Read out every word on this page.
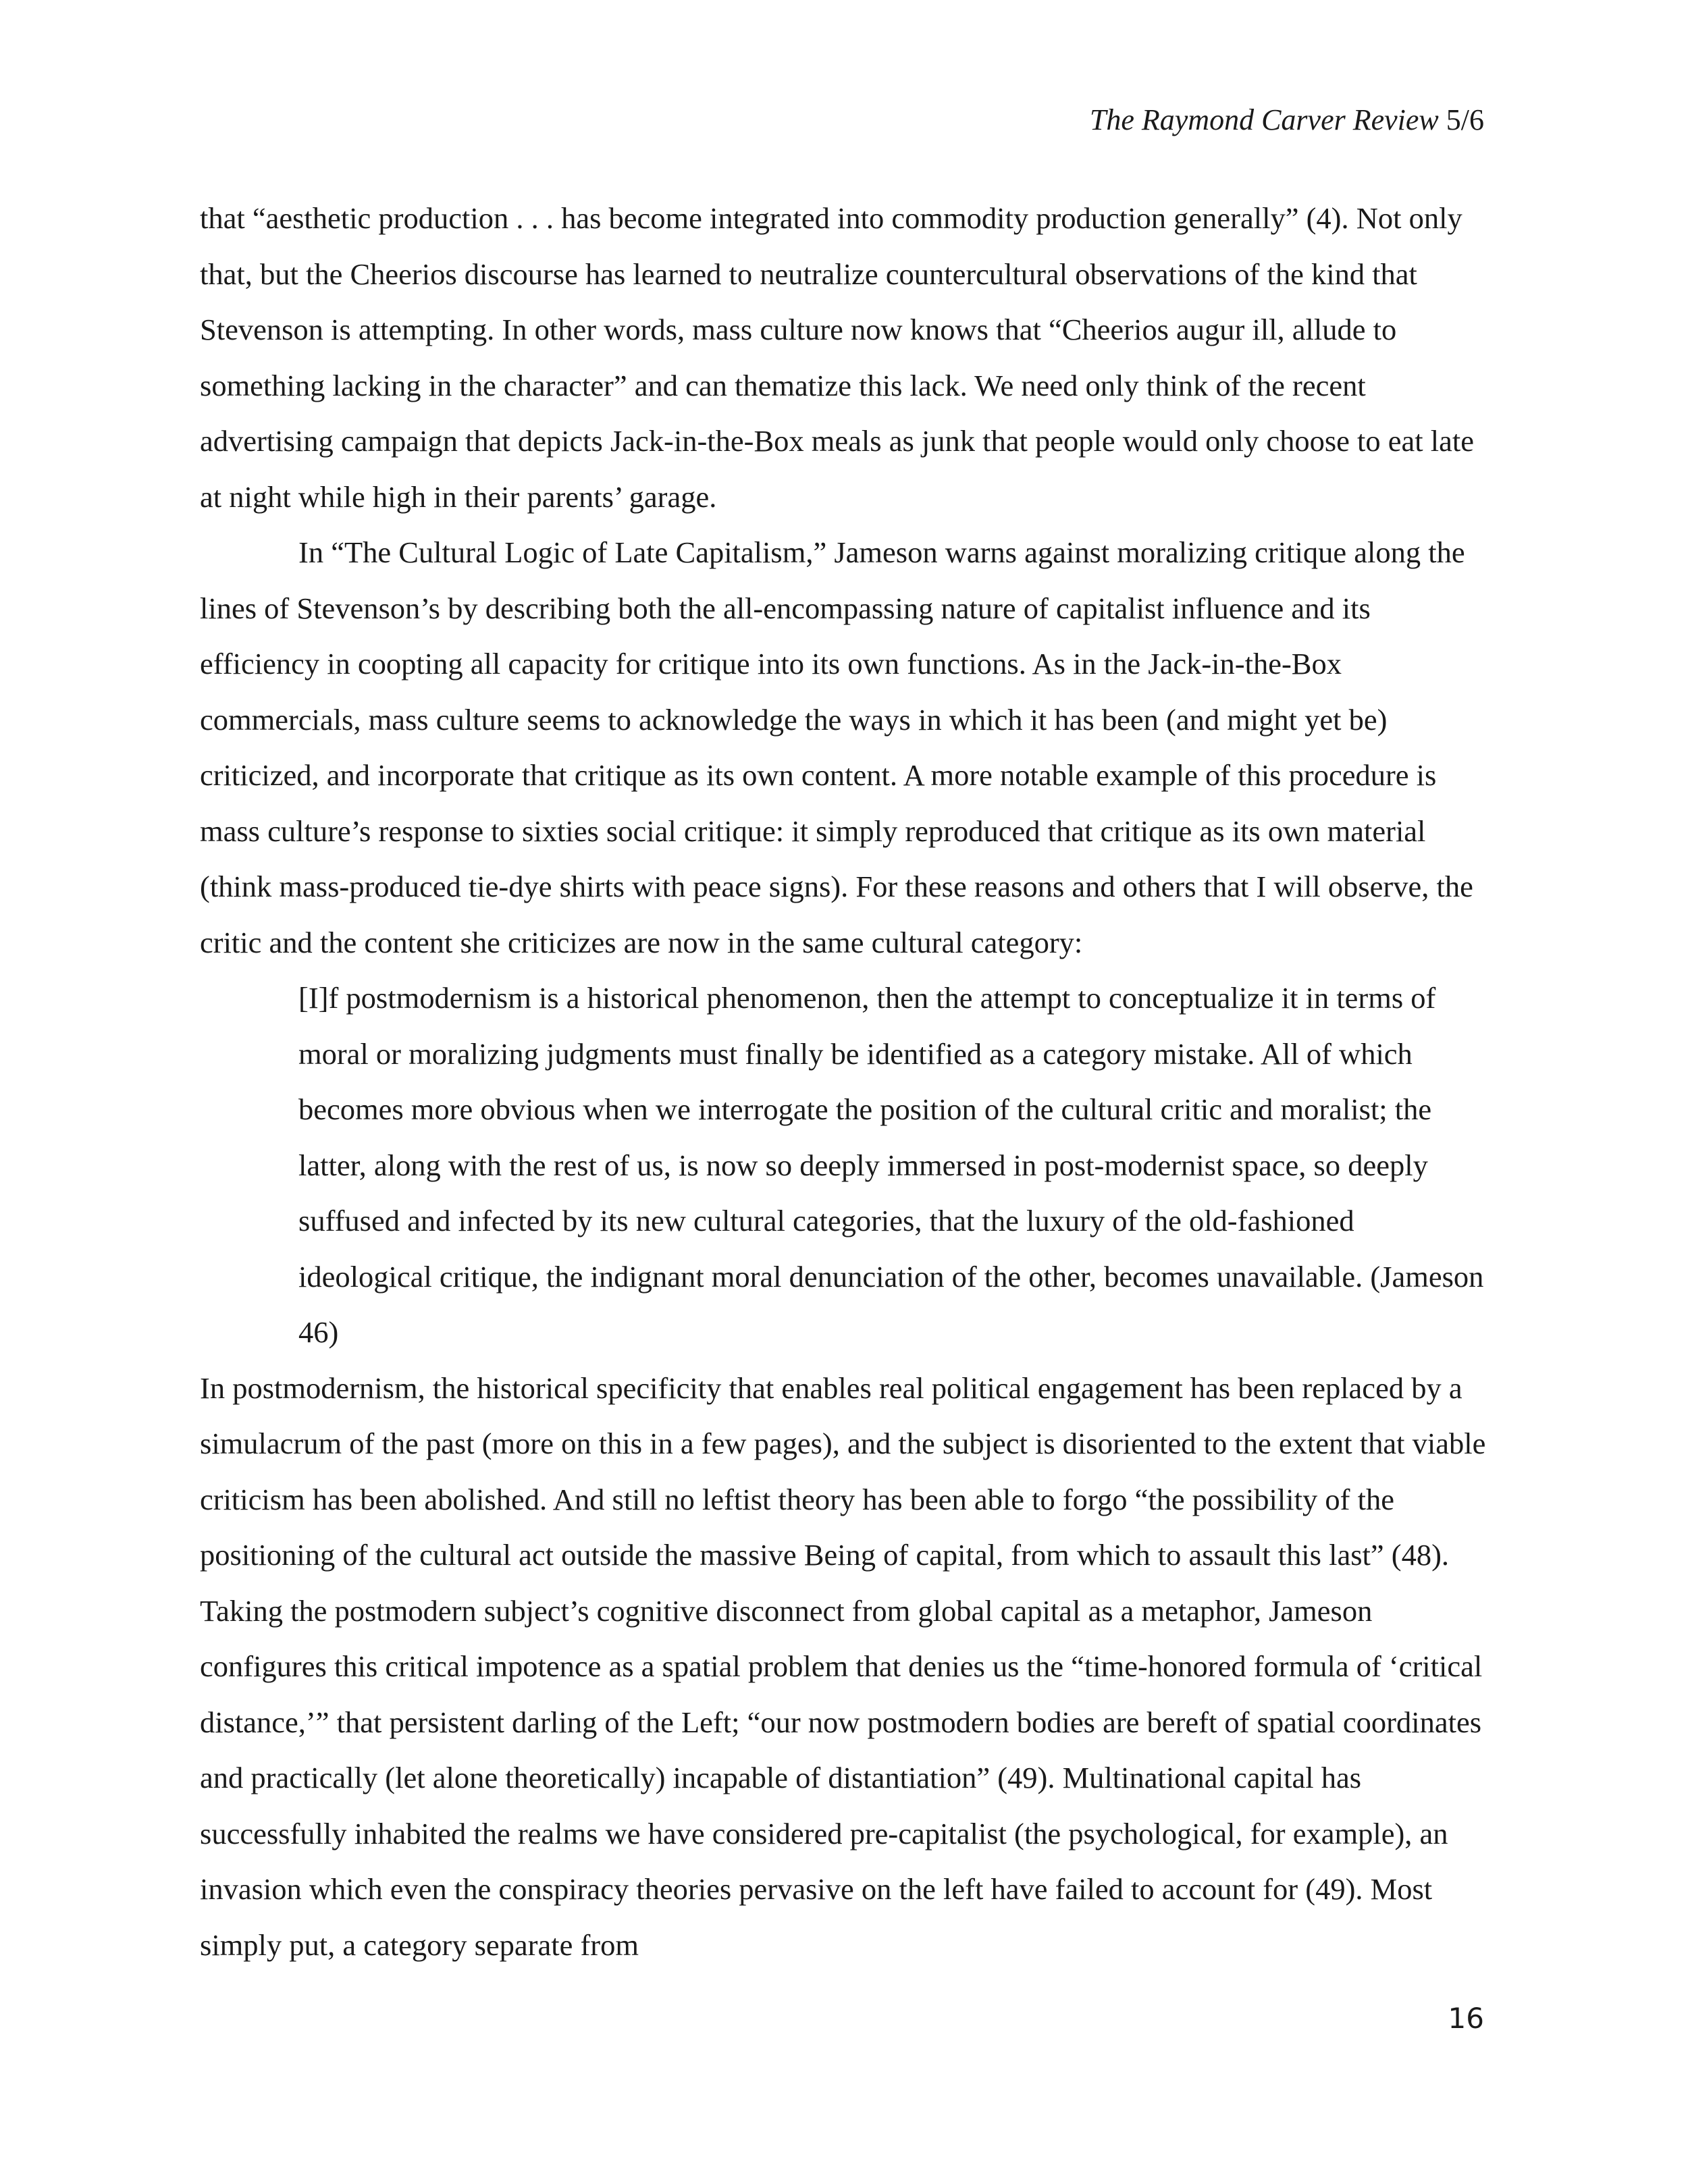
The Raymond Carver Review 5/6

that “aesthetic production . . . has become integrated into commodity production generally” (4). Not only that, but the Cheerios discourse has learned to neutralize countercultural observations of the kind that Stevenson is attempting. In other words, mass culture now knows that “Cheerios augur ill, allude to something lacking in the character” and can thematize this lack. We need only think of the recent advertising campaign that depicts Jack-in-the-Box meals as junk that people would only choose to eat late at night while high in their parents’ garage.

In “The Cultural Logic of Late Capitalism,” Jameson warns against moralizing critique along the lines of Stevenson’s by describing both the all-encompassing nature of capitalist influence and its efficiency in coopting all capacity for critique into its own functions. As in the Jack-in-the-Box commercials, mass culture seems to acknowledge the ways in which it has been (and might yet be) criticized, and incorporate that critique as its own content. A more notable example of this procedure is mass culture’s response to sixties social critique: it simply reproduced that critique as its own material (think mass-produced tie-dye shirts with peace signs). For these reasons and others that I will observe, the critic and the content she criticizes are now in the same cultural category:

[I]f postmodernism is a historical phenomenon, then the attempt to conceptualize it in terms of moral or moralizing judgments must finally be identified as a category mistake. All of which becomes more obvious when we interrogate the position of the cultural critic and moralist; the latter, along with the rest of us, is now so deeply immersed in post-modernist space, so deeply suffused and infected by its new cultural categories, that the luxury of the old-fashioned ideological critique, the indignant moral denunciation of the other, becomes unavailable. (Jameson 46)

In postmodernism, the historical specificity that enables real political engagement has been replaced by a simulacrum of the past (more on this in a few pages), and the subject is disoriented to the extent that viable criticism has been abolished. And still no leftist theory has been able to forgo “the possibility of the positioning of the cultural act outside the massive Being of capital, from which to assault this last” (48). Taking the postmodern subject’s cognitive disconnect from global capital as a metaphor, Jameson configures this critical impotence as a spatial problem that denies us the “time-honored formula of ‘critical distance,’” that persistent darling of the Left; “our now postmodern bodies are bereft of spatial coordinates and practically (let alone theoretically) incapable of distantiation” (49). Multinational capital has successfully inhabited the realms we have considered pre-capitalist (the psychological, for example), an invasion which even the conspiracy theories pervasive on the left have failed to account for (49). Most simply put, a category separate from

16
